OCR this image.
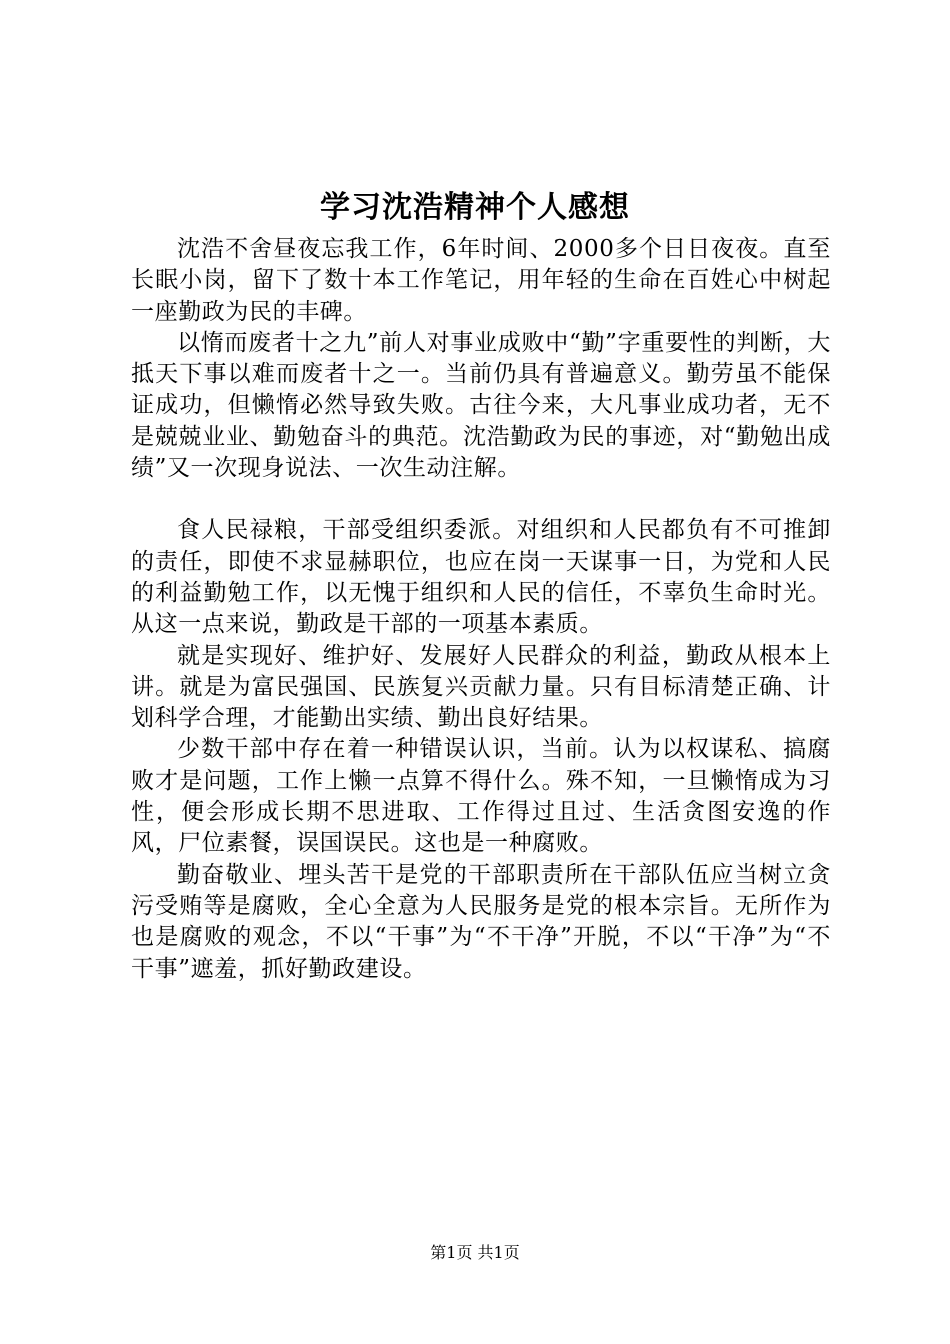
学习沈浩精神个人感想

沈浩不舍昼夜忘我工作，6年时间、2000多个日日夜夜。直至长眠小岗，留下了数十本工作笔记，用年轻的生命在百姓心中树起一座勤政为民的丰碑。

以惰而废者十之九”前人对事业成败中“勤”字重要性的判断，大抵天下事以难而废者十之一。当前仍具有普遍意义。勤劳虽不能保证成功，但懒惰必然导致失败。古往今来，大凡事业成功者，无不是兢兢业业、勤勉奋斗的典范。沈浩勤政为民的事迹，对“勤勉出成绩”又一次现身说法、一次生动注解。

食人民禄粮，干部受组织委派。对组织和人民都负有不可推卸的责任，即使不求显赫职位，也应在岗一天谋事一日，为党和人民的利益勤勉工作，以无愧于组织和人民的信任，不辜负生命时光。从这一点来说，勤政是干部的一项基本素质。

就是实现好、维护好、发展好人民群众的利益，勤政从根本上讲。就是为富民强国、民族复兴贡献力量。只有目标清楚正确、计划科学合理，才能勤出实绩、勤出良好结果。

少数干部中存在着一种错误认识，当前。认为以权谋私、搞腐败才是问题，工作上懒一点算不得什么。殊不知，一旦懒惰成为习性，便会形成长期不思进取、工作得过且过、生活贪图安逸的作风，尸位素餐，误国误民。这也是一种腐败。

勤奋敬业、埋头苦干是党的干部职责所在干部队伍应当树立贪污受贿等是腐败，全心全意为人民服务是党的根本宗旨。无所作为也是腐败的观念，不以“干事”为“不干净”开脱，不以“干净”为“不干事”遮羞，抓好勤政建设。

第1页 共1页
